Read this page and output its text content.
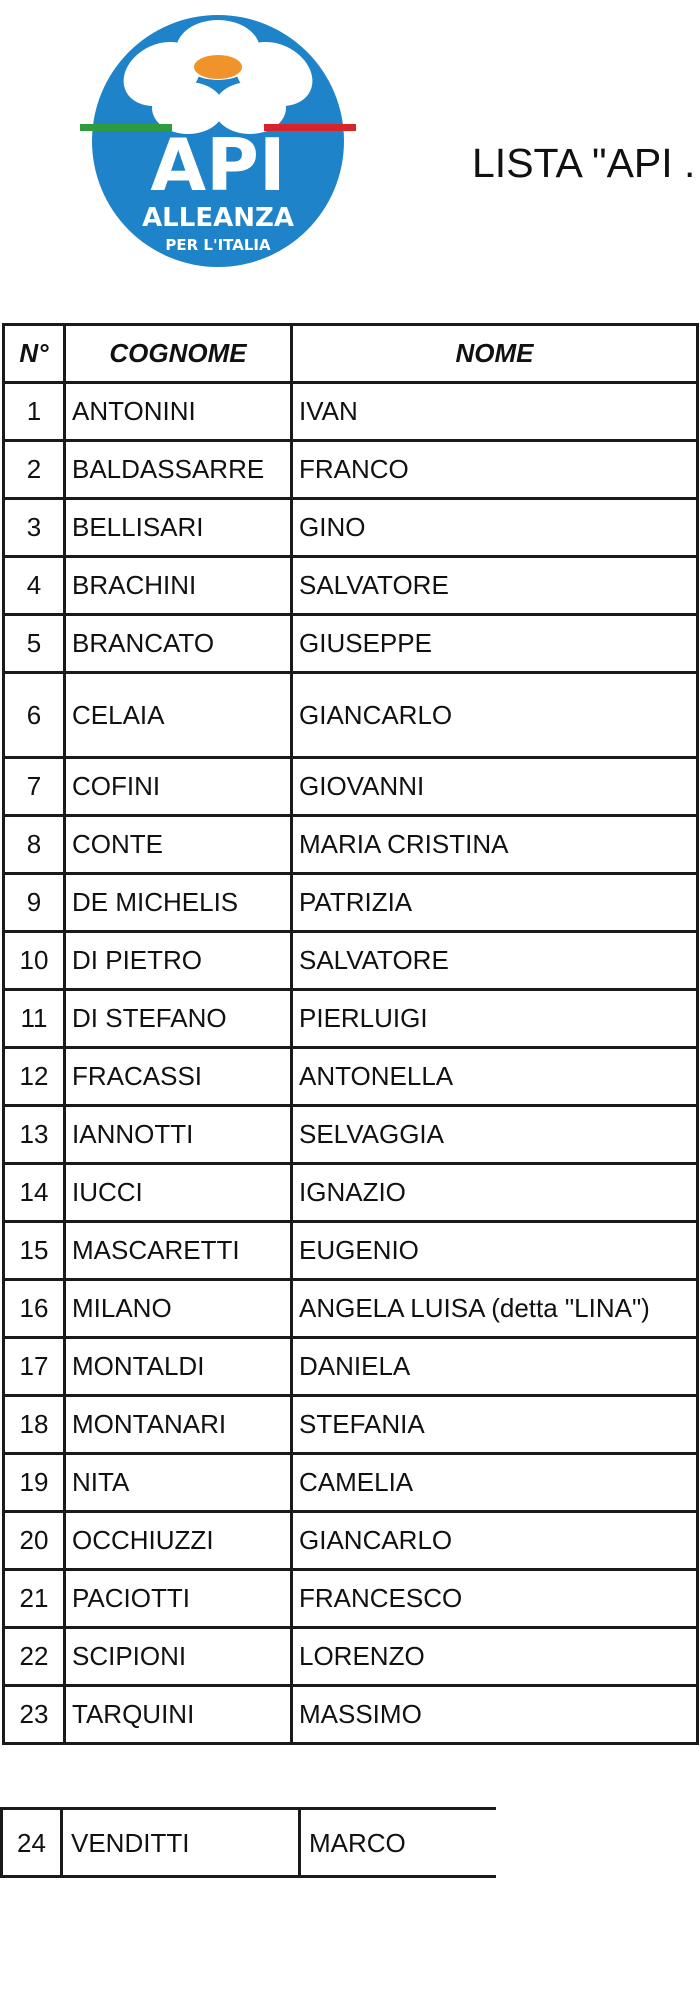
API
ALLEANZA
PER L'ITALIA
LISTA "API .
N°	COGNOME	NOME
1	ANTONINI	IVAN
2	BALDASSARRE	FRANCO
3	BELLISARI	GINO
4	BRACHINI	SALVATORE
5	BRANCATO	GIUSEPPE
6	CELAIA	GIANCARLO
7	COFINI	GIOVANNI
8	CONTE	MARIA CRISTINA
9	DE MICHELIS	PATRIZIA
10	DI PIETRO	SALVATORE
11	DI STEFANO	PIERLUIGI
12	FRACASSI	ANTONELLA
13	IANNOTTI	SELVAGGIA
14	IUCCI	IGNAZIO
15	MASCARETTI	EUGENIO
16	MILANO	ANGELA LUISA (detta "LINA")
17	MONTALDI	DANIELA
18	MONTANARI	STEFANIA
19	NITA	CAMELIA
20	OCCHIUZZI	GIANCARLO
21	PACIOTTI	FRANCESCO
22	SCIPIONI	LORENZO
23	TARQUINI	MASSIMO
24 VENDITTI	MARCO
